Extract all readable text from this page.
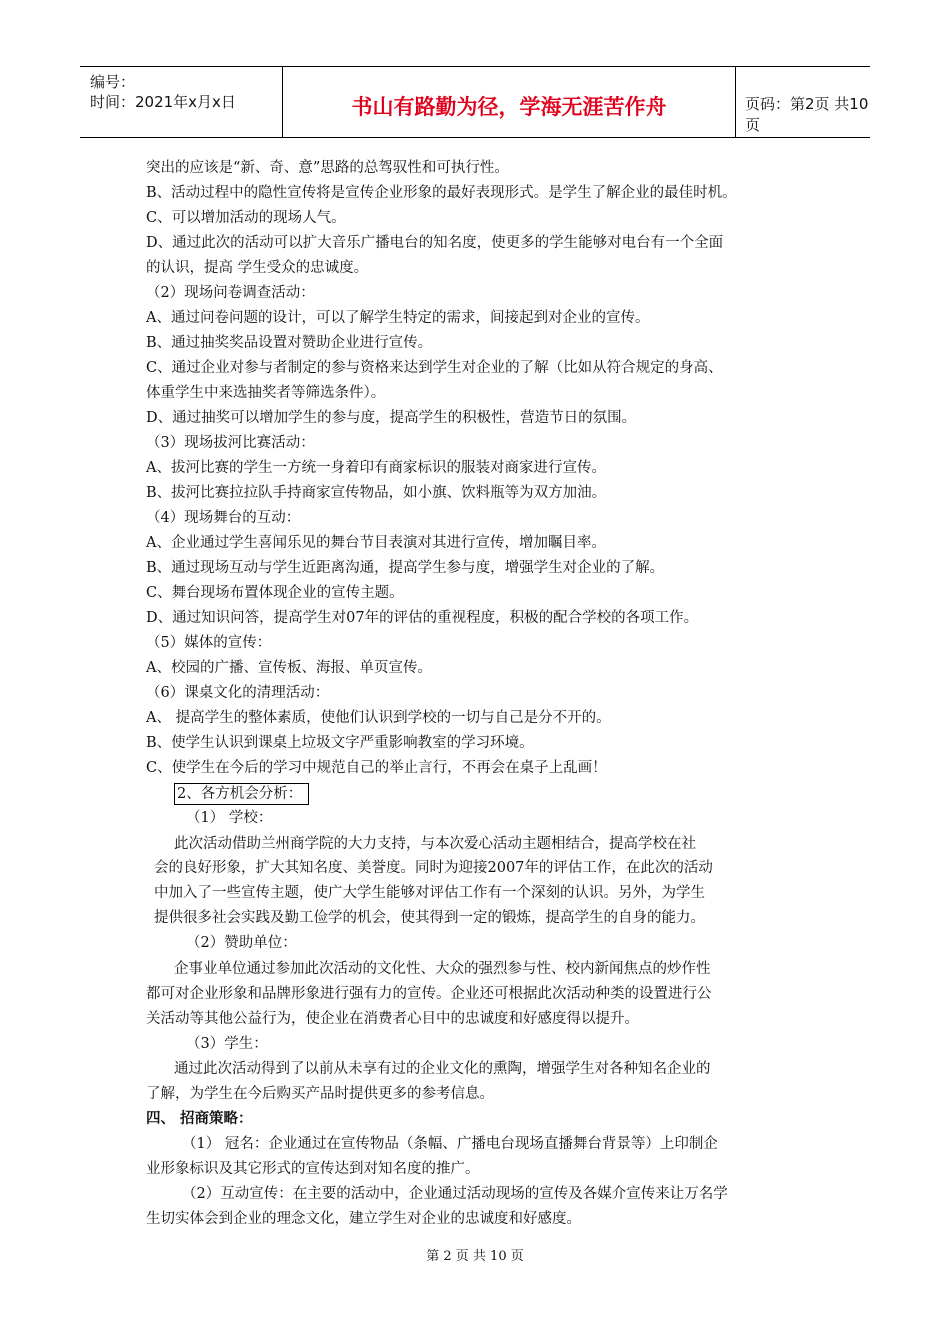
编号：
时间：2021年x月x日	书山有路勤为径，学海无涯苦作舟	页码：第2页 共10页
突出的应该是“新、奇、意”思路的总驾驭性和可执行性。
B、活动过程中的隐性宣传将是宣传企业形象的最好表现形式。是学生了解企业的最佳时机。
C、可以增加活动的现场人气。
D、通过此次的活动可以扩大音乐广播电台的知名度，使更多的学生能够对电台有一个全面
的认识，提高 学生受众的忠诚度。
（2）现场问卷调查活动：
A、通过问卷问题的设计，可以了解学生特定的需求，间接起到对企业的宣传。
B、通过抽奖奖品设置对赞助企业进行宣传。
C、通过企业对参与者制定的参与资格来达到学生对企业的了解（比如从符合规定的身高、
体重学生中来选抽奖者等筛选条件）。
D、通过抽奖可以增加学生的参与度，提高学生的积极性，营造节日的氛围。
（3）现场拔河比赛活动：
A、拔河比赛的学生一方统一身着印有商家标识的服装对商家进行宣传。
B、拔河比赛拉拉队手持商家宣传物品，如小旗、饮料瓶等为双方加油。
（4）现场舞台的互动：
A、企业通过学生喜闻乐见的舞台节目表演对其进行宣传，增加瞩目率。
B、通过现场互动与学生近距离沟通，提高学生参与度，增强学生对企业的了解。
C、舞台现场布置体现企业的宣传主题。
D、通过知识问答，提高学生对07年的评估的重视程度，积极的配合学校的各项工作。
（5）媒体的宣传：
A、校园的广播、宣传板、海报、单页宣传。
（6）课桌文化的清理活动：
A、 提高学生的整体素质，使他们认识到学校的一切与自己是分不开的。
B、使学生认识到课桌上垃圾文字严重影响教室的学习环境。
C、使学生在今后的学习中规范自己的举止言行，不再会在桌子上乱画！
2、各方机会分析：
（1） 学校：
此次活动借助兰州商学院的大力支持，与本次爱心活动主题相结合，提高学校在社
会的良好形象，扩大其知名度、美誉度。同时为迎接2007年的评估工作，在此次的活动
中加入了一些宣传主题，使广大学生能够对评估工作有一个深刻的认识。另外，为学生
提供很多社会实践及勤工俭学的机会，使其得到一定的锻炼，提高学生的自身的能力。
（2）赞助单位：
企事业单位通过参加此次活动的文化性、大众的强烈参与性、校内新闻焦点的炒作性
都可对企业形象和品牌形象进行强有力的宣传。企业还可根据此次活动种类的设置进行公
关活动等其他公益行为，使企业在消费者心目中的忠诚度和好感度得以提升。
（3）学生：
通过此次活动得到了以前从未享有过的企业文化的熏陶，增强学生对各种知名企业的
了解，为学生在今后购买产品时提供更多的参考信息。
四、 招商策略：
（1） 冠名：企业通过在宣传物品（条幅、广播电台现场直播舞台背景等）上印制企
业形象标识及其它形式的宣传达到对知名度的推广。
（2）互动宣传：在主要的活动中，企业通过活动现场的宣传及各媒介宣传来让万名学
生切实体会到企业的理念文化，建立学生对企业的忠诚度和好感度。
第 2 页 共 10 页
